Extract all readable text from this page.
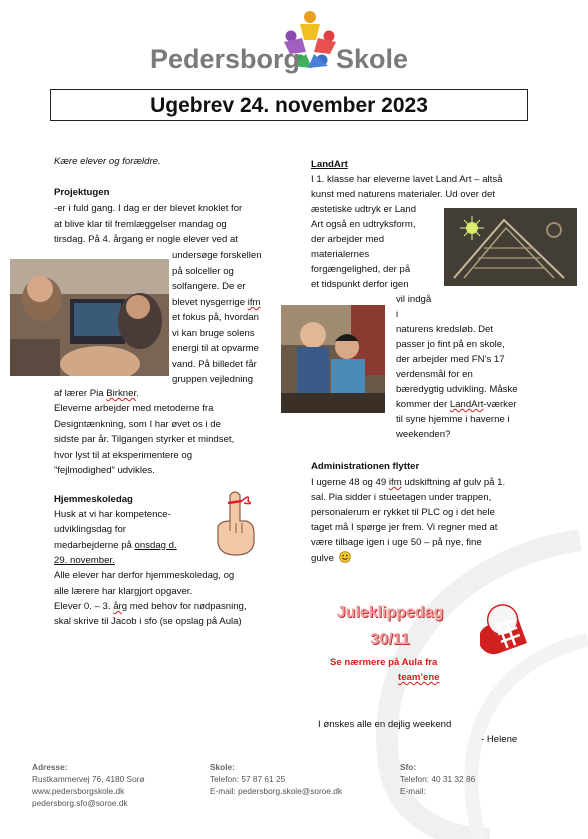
Pedersborg Skole
Ugebrev 24. november 2023
Kære elever og forældre.
Projektugen
-er i fuld gang. I dag er der blevet knoklet for
at blive klar til fremlæggelser mandag og
tirsdag. På 4. årgang er nogle elever ved at
undersøge forskellen
på solceller og
solfangere. De er
blevet nysgerrige ifm
et fokus på, hvordan
vi kan bruge solens
energi til at opvarme
vand. På billedet får
gruppen vejledning
af lærer Pia Birkner.
Eleverne arbejder med metoderne fra
Designtænkning, som I har øvet os i de
sidste par år. Tilgangen styrker et mindset,
hvor lyst til at eksperimentere og
”fejlmodighed” udvikles.
Hjemmeskoledag
Husk at vi har kompetence-
udviklingsdag for
medarbejderne på onsdag d.
29. november.
Alle elever har derfor hjemmeskoledag, og
alle lærere har klargjort opgaver.
Elever 0. – 3. årg med behov for nødpasning,
skal skrive til Jacob i sfo (se opslag på Aula)
LandArt
I 1. klasse har eleverne lavet Land Art – altså
kunst med naturens materialer. Ud over det
æstetiske udtryk er Land
Art også en udtryksform,
der arbejder med
materialernes
forgængelighed, der på
et tidspunkt derfor igen
vil indgå
i
naturens kredsløb. Det
passer jo fint på en skole,
der arbejder med FN’s 17
verdensmål for en
bæredygtig udvikling. Måske
kommer der LandArt-værker
til syne hjemme i haverne i
weekenden?
Administrationen flytter
I ugerne 48 og 49 ifm udskiftning af gulv på 1.
sal. Pia sidder i stueetagen under trappen,
personalerum er rykket til PLC og i det hele
taget må I spørge jer frem. Vi regner med at
være tilbage igen i uge 50 – på nye, fine
gulve
Juleklippedag
30/11
Se nærmere på Aula fra
team’ene
I ønskes alle en dejlig weekend
- Helene
Adresse:
Rustkammervej 76, 4180 Sorø
www.pedersborgskole.dk
pedersborg.sfo@soroe.dk
Skole:
Telefon: 57 87 61 25
E-mail: pedersborg.skole@soroe.dk
Sfo:
Telefon: 40 31 32 86
E-mail:
